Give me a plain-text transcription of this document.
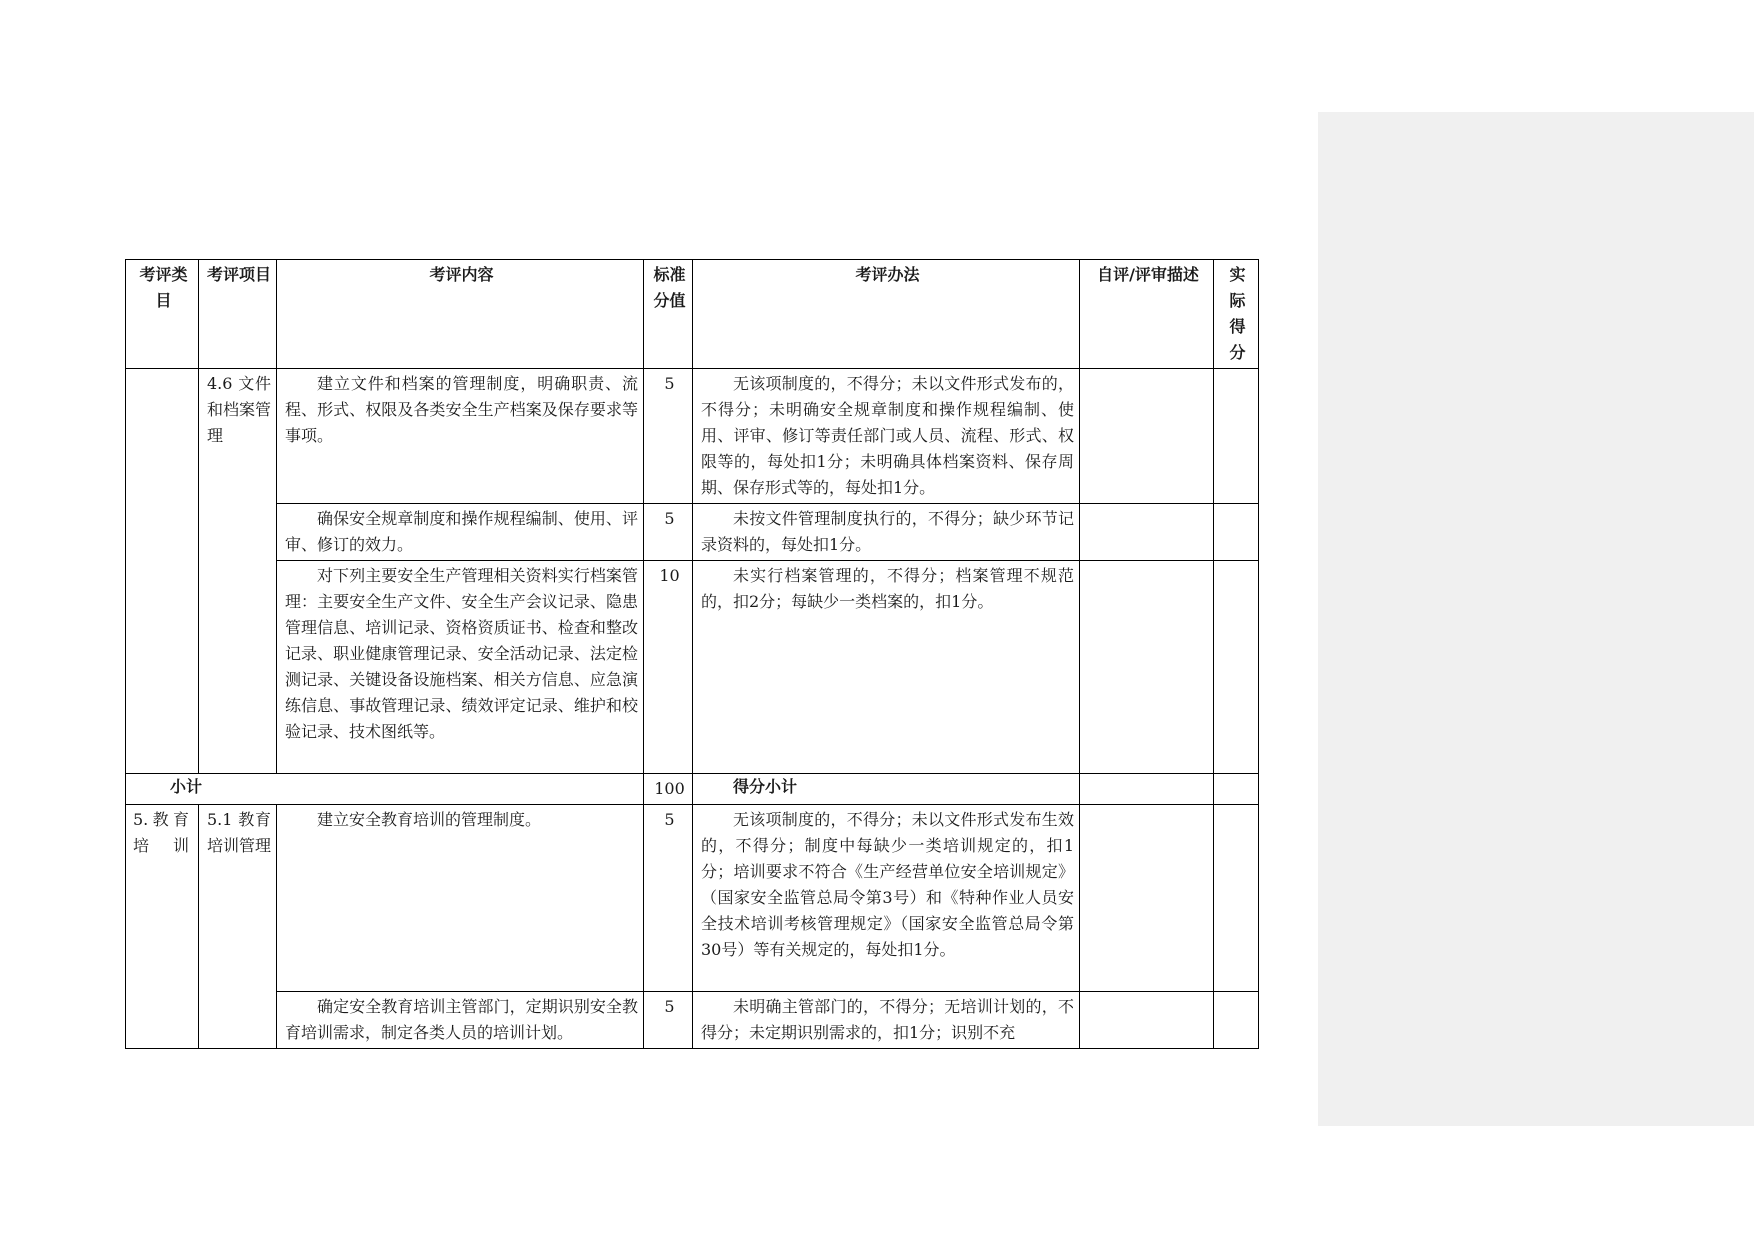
考评类目	考评项目	考评内容	标准分值	考评办法	自评/评审描述	实际得分
	4.6 文件和档案管理	建立文件和档案的管理制度，明确职责、流程、形式、权限及各类安全生产档案及保存要求等事项。	5	无该项制度的，不得分；未以文件形式发布的，不得分；未明确安全规章制度和操作规程编制、使用、评审、修订等责任部门或人员、流程、形式、权限等的，每处扣1分；未明确具体档案资料、保存周期、保存形式等的，每处扣1分。		
		确保安全规章制度和操作规程编制、使用、评审、修订的效力。	5	未按文件管理制度执行的，不得分；缺少环节记录资料的，每处扣1分。		
		对下列主要安全生产管理相关资料实行档案管理：主要安全生产文件、安全生产会议记录、隐患管理信息、培训记录、资格资质证书、检查和整改记录、职业健康管理记录、安全活动记录、法定检测记录、关键设备设施档案、相关方信息、应急演练信息、事故管理记录、绩效评定记录、维护和校验记录、技术图纸等。	10	未实行档案管理的，不得分；档案管理不规范的，扣2分；每缺少一类档案的，扣1分。		
小计			100	得分小计		
5.教育培训	5.1 教育培训管理	建立安全教育培训的管理制度。	5	无该项制度的，不得分；未以文件形式发布生效的，不得分；制度中每缺少一类培训规定的，扣1分；培训要求不符合《生产经营单位安全培训规定》（国家安全监管总局令第3号）和《特种作业人员安全技术培训考核管理规定》（国家安全监管总局令第30号）等有关规定的，每处扣1分。		
		确定安全教育培训主管部门，定期识别安全教育培训需求，制定各类人员的培训计划。	5	未明确主管部门的，不得分；无培训计划的，不得分；未定期识别需求的，扣1分；识别不充		
